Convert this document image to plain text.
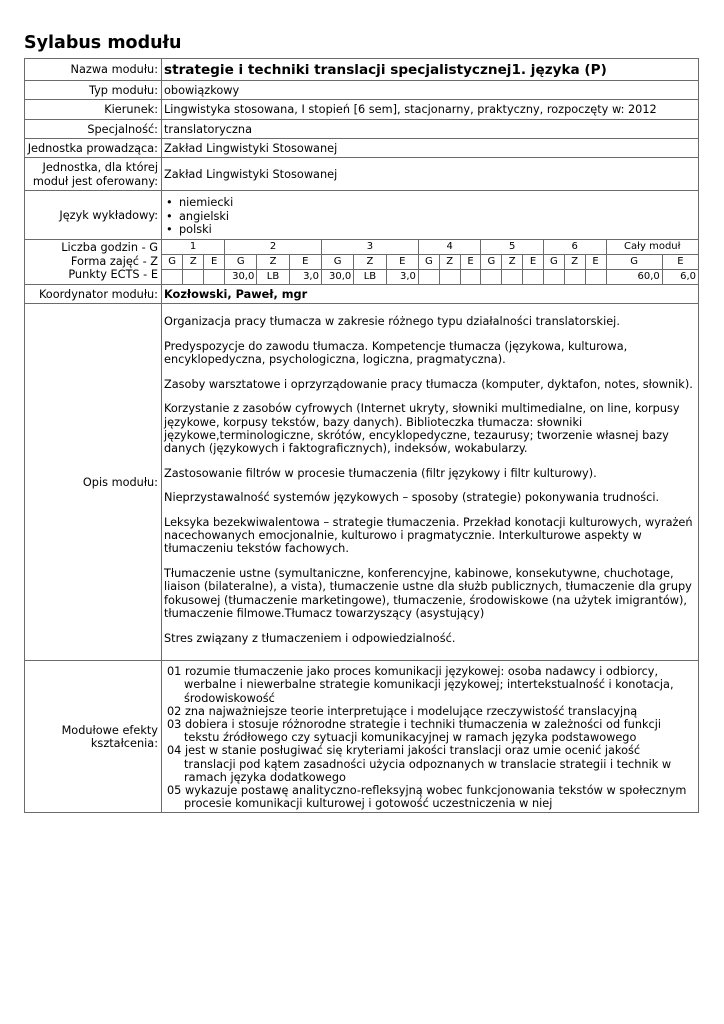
Sylabus modułu
Nazwa modułu:	strategie i techniki translacji specjalistycznej1. języka (P)
Typ modułu:	obowiązkowy
Kierunek:	Lingwistyka stosowana, I stopień [6 sem], stacjonarny, praktyczny, rozpoczęty w: 2012
Specjalność:	translatoryczna
Jednostka prowadząca:	Zakład Lingwistyki Stosowanej

Jednostka, dla której
moduł jest oferowany:
	Zakład Lingwistyki Stosowanej
Język wykładowy:	
• niemiecki
• angielski
• polski

Liczba godzin - G
Forma zajęć - Z
Punkty ECTS - E

1	2	3	4	5	6	Cały moduł
G	Z	E	G	Z	E	G	Z	E	G	Z	E	G	Z	E	G	Z	E	G	E
			30,0	LB	3,0	30,0	LB	3,0										60,0	6,0

Koordynator modułu:	Kozłowski, Paweł, mgr
Opis modułu:	

Organizacja pracy tłumacza w zakresie różnego typu działalności translatorskiej.

Predyspozycje do zawodu tłumacza. Kompetencje tłumacza (językowa, kulturowa, encyklopedyczna, psychologiczna, logiczna, pragmatyczna).

Zasoby warsztatowe i oprzyrządowanie pracy tłumacza (komputer, dyktafon, notes, słownik).

Korzystanie z zasobów cyfrowych (Internet ukryty, słowniki multimedialne, on line, korpusy językowe, korpusy tekstów, bazy danych). Biblioteczka tłumacza: słowniki językowe,terminologiczne, skrótów, encyklopedyczne, tezaurusy; tworzenie własnej bazy danych (językowych i faktograficznych), indeksów, wokabularzy.

Zastosowanie filtrów w procesie tłumaczenia (filtr językowy i filtr kulturowy).

Nieprzystawalność systemów językowych – sposoby (strategie) pokonywania trudności.

Leksyka bezekwiwalentowa – strategie tłumaczenia. Przekład konotacji kulturowych, wyrażeń nacechowanych emocjonalnie, kulturowo i pragmatycznie. Interkulturowe aspekty w tłumaczeniu tekstów fachowych.

Tłumaczenie ustne (symultaniczne, konferencyjne, kabinowe, konsekutywne, chuchotage, liaison (bilateralne), a vista), tłumaczenie ustne dla służb publicznych, tłumaczenie dla grupy fokusowej (tłumaczenie marketingowe), tłumaczenie, środowiskowe (na użytek imigrantów), tłumaczenie filmowe.Tłumacz towarzyszący (asystujący)

Stres związany z tłumaczeniem i odpowiedzialność.

Modułowe efekty
kształcenia:

01 rozumie tłumaczenie jako proces komunikacji językowej: osoba nadawcy i odbiorcy, werbalne i niewerbalne strategie komunikacji językowej; intertekstualność i konotacja, środowiskowość
02 zna najważniejsze teorie interpretujące i modelujące rzeczywistość translacyjną
03 dobiera i stosuje różnorodne strategie i techniki tłumaczenia w zależności od funkcji tekstu źródłowego czy sytuacji komunikacyjnej w ramach języka podstawowego
04 jest w stanie posługiwać się kryteriami jakości translacji oraz umie ocenić jakość translacji pod kątem zasadności użycia odpoznanych w translacie strategii i technik w ramach języka dodatkowego
05 wykazuje postawę analityczno-refleksyjną wobec funkcjonowania tekstów w społecznym procesie komunikacji kulturowej i gotowość uczestniczenia w niej
